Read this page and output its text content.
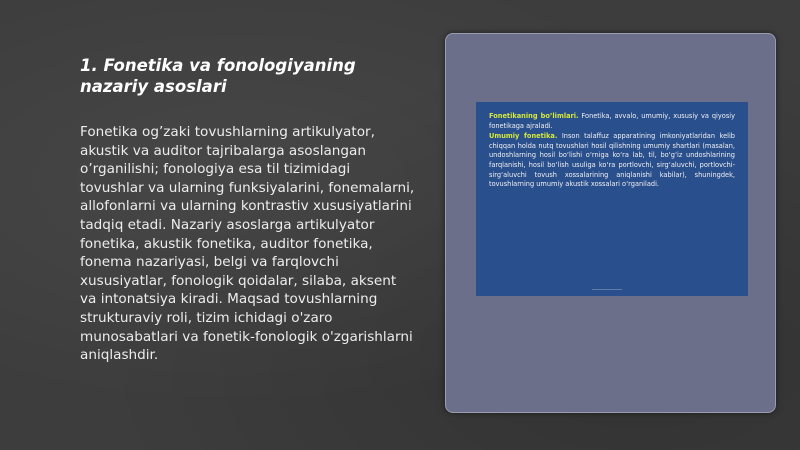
1. Fonetika va fonologiyaning nazariy asoslari
Fonetika og’zaki tovushlarning artikulyator, akustik va auditor tajribalarga asoslangan o’rganilishi; fonologiya esa til tizimidagi tovushlar va ularning funksiyalarini, fonemalarni, allofonlarni va ularning kontrastiv xususiyatlarini tadqiq etadi. Nazariy asoslarga artikulyator fonetika, akustik fonetika, auditor fonetika, fonema nazariyasi, belgi va farqlovchi xususiyatlar, fonologik qoidalar, silaba, aksent va intonatsiya kiradi. Maqsad tovushlarning strukturaviy roli, tizim ichidagi o'zaro munosabatlari va fonetik-fonologik o'zgarishlarni aniqlashdir.

Fonetikaning bo’limlari. Fonetika, avvalo, umumiy, xususiy va qiyosiy fonetikaga ajraladi.

Umumiy fonetika. Inson talaffuz apparatining imkoniyatlaridan kelib chiqqan holda nutq tovushlari hosil qilishning umumiy shartlari (masalan, undoshlarning hosil bo‘lishi o‘rniga ko‘ra lab, til, bo‘g‘iz undoshlarining farqlanishi, hosil bo‘lish usuliga ko‘ra portlovchi, sirg‘aluvchi, portlovchi-sirg‘aluvchi tovush xossalarining aniqlanishi kabilar), shuningdek, tovushlarning umumiy akustik xossalari o‘rganiladi.
